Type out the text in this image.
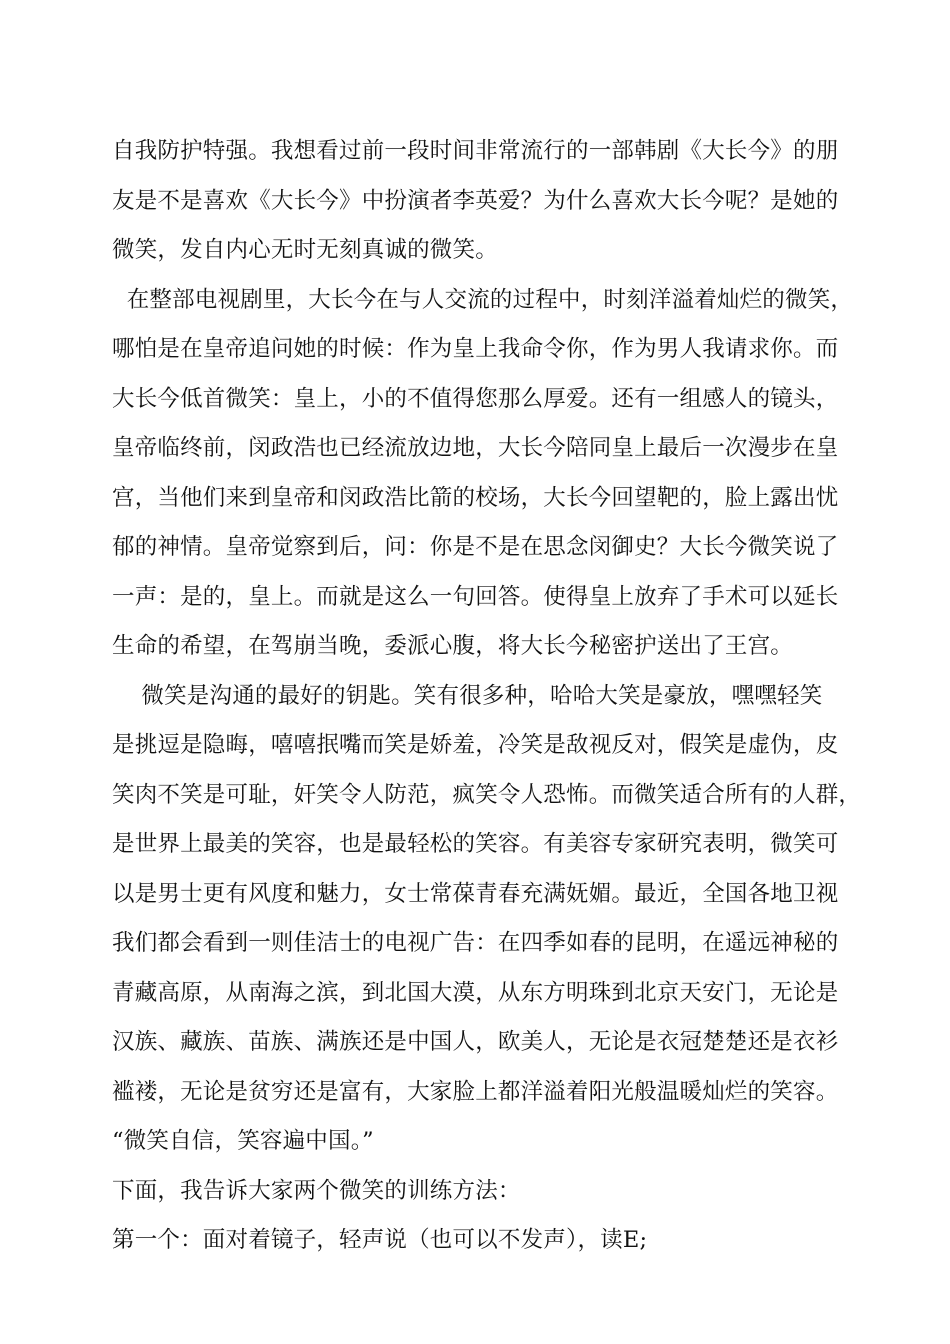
自我防护特强。我想看过前一段时间非常流行的一部韩剧《大长今》的朋
友是不是喜欢《大长今》中扮演者李英爱？为什么喜欢大长今呢？是她的
微笑，发自内心无时无刻真诚的微笑。
在整部电视剧里，大长今在与人交流的过程中，时刻洋溢着灿烂的微笑，
哪怕是在皇帝追问她的时候：作为皇上我命令你，作为男人我请求你。而
大长今低首微笑：皇上，小的不值得您那么厚爱。还有一组感人的镜头，
皇帝临终前，闵政浩也已经流放边地，大长今陪同皇上最后一次漫步在皇
宫，当他们来到皇帝和闵政浩比箭的校场，大长今回望靶的，脸上露出忧
郁的神情。皇帝觉察到后，问：你是不是在思念闵御史？大长今微笑说了
一声：是的，皇上。而就是这么一句回答。使得皇上放弃了手术可以延长
生命的希望，在驾崩当晚，委派心腹，将大长今秘密护送出了王宫。
微笑是沟通的最好的钥匙。笑有很多种，哈哈大笑是豪放，嘿嘿轻笑
是挑逗是隐晦，嘻嘻抿嘴而笑是娇羞，冷笑是敌视反对，假笑是虚伪，皮
笑肉不笑是可耻，奸笑令人防范，疯笑令人恐怖。而微笑适合所有的人群，
是世界上最美的笑容，也是最轻松的笑容。有美容专家研究表明，微笑可
以是男士更有风度和魅力，女士常葆青春充满妩媚。最近，全国各地卫视
我们都会看到一则佳洁士的电视广告：在四季如春的昆明，在遥远神秘的
青藏高原，从南海之滨，到北国大漠，从东方明珠到北京天安门，无论是
汉族、藏族、苗族、满族还是中国人，欧美人，无论是衣冠楚楚还是衣衫
褴褛，无论是贫穷还是富有，大家脸上都洋溢着阳光般温暖灿烂的笑容。
“微笑自信，笑容遍中国。”
下面，我告诉大家两个微笑的训练方法：
第一个：面对着镜子，轻声说（也可以不发声），读E;
